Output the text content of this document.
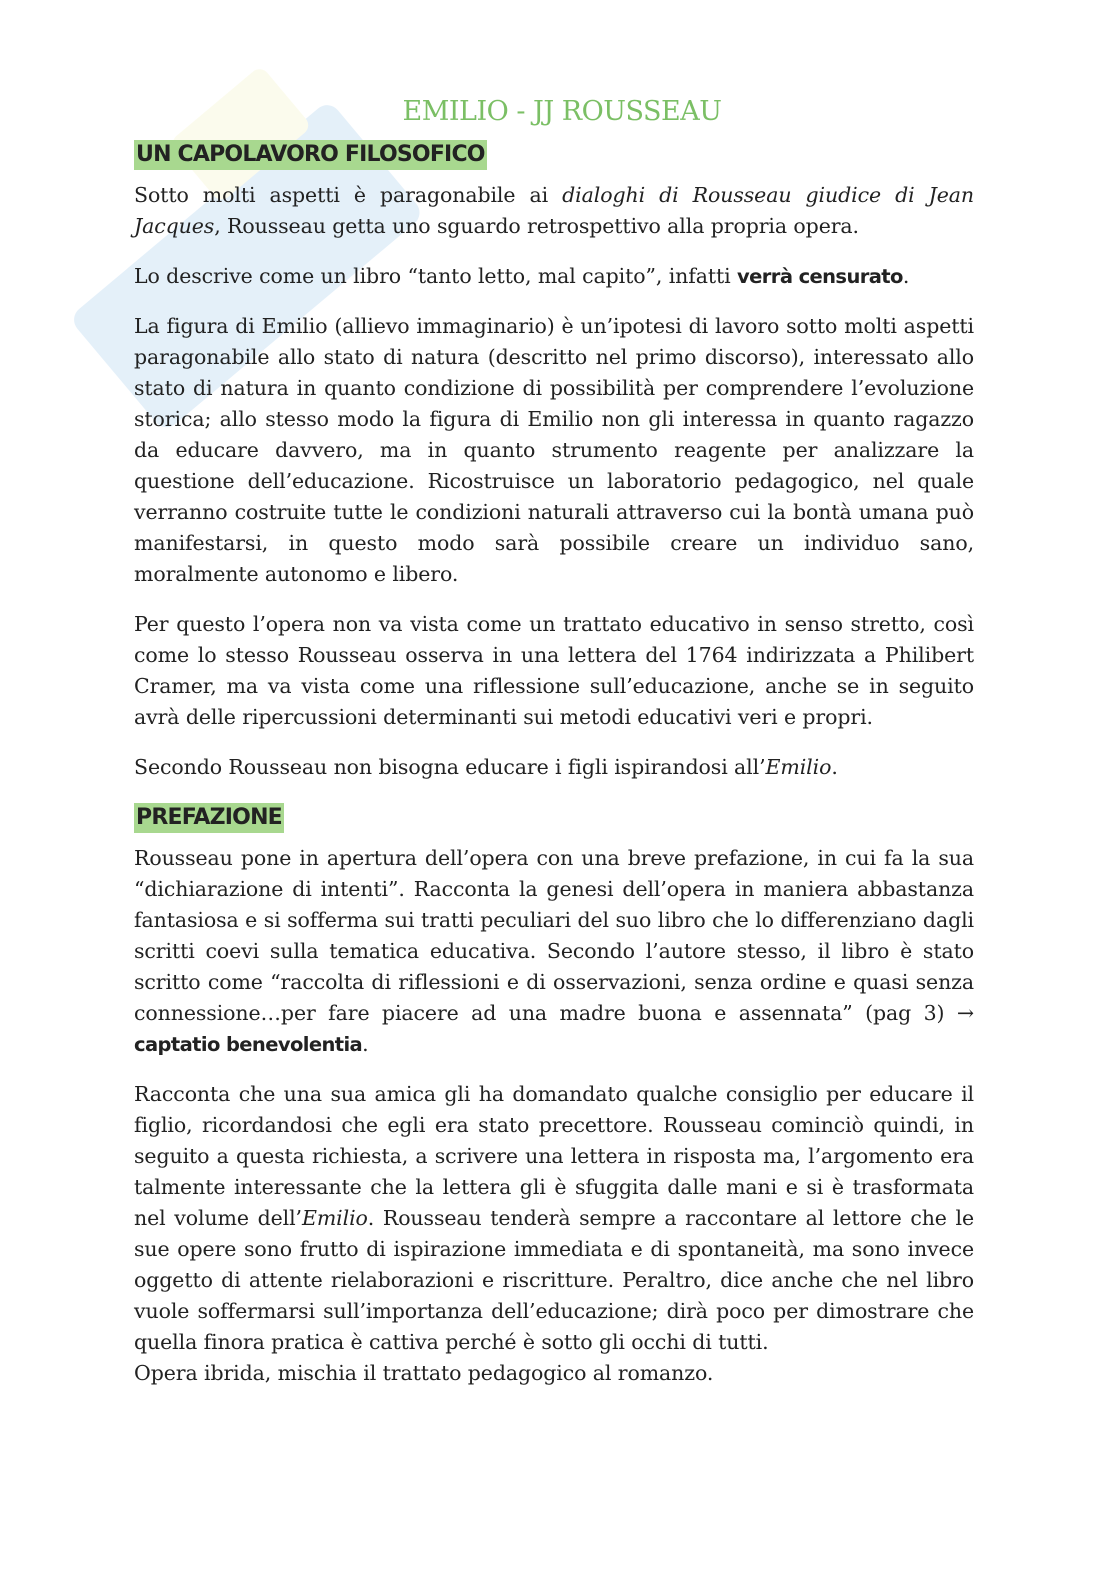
EMILIO - JJ ROUSSEAU
UN CAPOLAVORO FILOSOFICO

Sotto molti aspetti è paragonabile ai dialoghi di Rousseau giudice di Jean Jacques, Rousseau getta uno sguardo retrospettivo alla propria opera.

Lo descrive come un libro “tanto letto, mal capito”, infatti verrà censurato.

La figura di Emilio (allievo immaginario) è un’ipotesi di lavoro sotto molti aspetti paragonabile allo stato di natura (descritto nel primo discorso), interessato allo stato di natura in quanto condizione di possibilità per comprendere l’evoluzione storica; allo stesso modo la figura di Emilio non gli interessa in quanto ragazzo da educare davvero, ma in quanto strumento reagente per analizzare la questione dell’educazione. Ricostruisce un laboratorio pedagogico, nel quale verranno costruite tutte le condizioni naturali attraverso cui la bontà umana può manifestarsi, in questo modo sarà possibile creare un individuo sano, moralmente autonomo e libero.

Per questo l’opera non va vista come un trattato educativo in senso stretto, così come lo stesso Rousseau osserva in una lettera del 1764 indirizzata a Philibert Cramer, ma va vista come una riflessione sull’educazione, anche se in seguito avrà delle ripercussioni determinanti sui metodi educativi veri e propri.

Secondo Rousseau non bisogna educare i figli ispirandosi all’Emilio.

PREFAZIONE

Rousseau pone in apertura dell’opera con una breve prefazione, in cui fa la sua “dichiarazione di intenti”. Racconta la genesi dell’opera in maniera abbastanza fantasiosa e si sofferma sui tratti peculiari del suo libro che lo differenziano dagli scritti coevi sulla tematica educativa. Secondo l’autore stesso, il libro è stato scritto come “raccolta di riflessioni e di osservazioni, senza ordine e quasi senza connessione…per fare piacere ad una madre buona e assennata” (pag 3) → captatio benevolentia.

Racconta che una sua amica gli ha domandato qualche consiglio per educare il figlio, ricordandosi che egli era stato precettore. Rousseau cominciò quindi, in seguito a questa richiesta, a scrivere una lettera in risposta ma, l’argomento era talmente interessante che la lettera gli è sfuggita dalle mani e si è trasformata nel volume dell’Emilio. Rousseau tenderà sempre a raccontare al lettore che le sue opere sono frutto di ispirazione immediata e di spontaneità, ma sono invece oggetto di attente rielaborazioni e riscritture. Peraltro, dice anche che nel libro vuole soffermarsi sull’importanza dell’educazione; dirà poco per dimostrare che quella finora pratica è cattiva perché è sotto gli occhi di tutti.

Opera ibrida, mischia il trattato pedagogico al romanzo.
